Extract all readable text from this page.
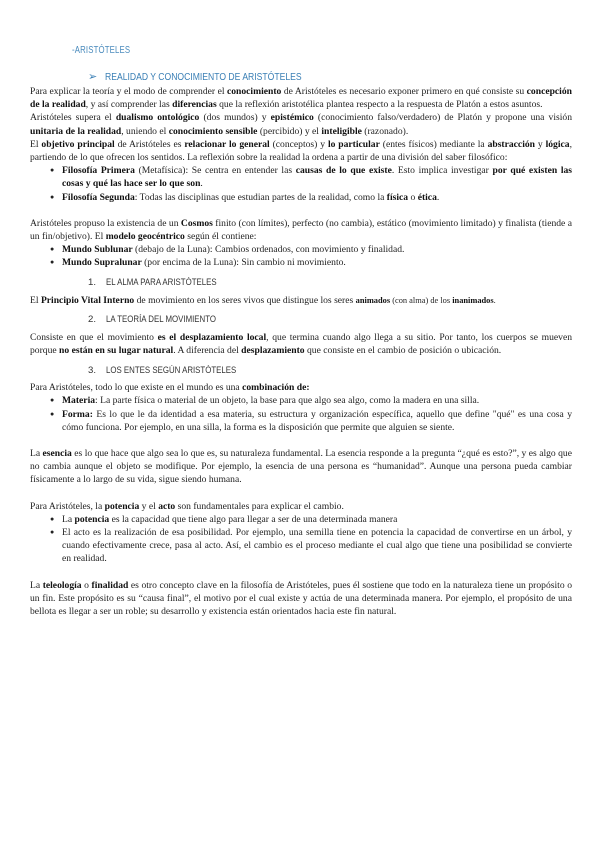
-ARISTÓTELES
➢ REALIDAD Y CONOCIMIENTO DE ARISTÓTELES

Para explicar la teoría y el modo de comprender el conocimiento de Aristóteles es necesario exponer primero en qué consiste su concepción de la realidad, y así comprender las diferencias que la reflexión aristotélica plantea respecto a la respuesta de Platón a estos asuntos.

Aristóteles supera el dualismo ontológico (dos mundos) y epistémico (conocimiento falso/verdadero) de Platón y propone una visión unitaria de la realidad, uniendo el conocimiento sensible (percibido) y el inteligible (razonado).

El objetivo principal de Aristóteles es relacionar lo general (conceptos) y lo particular (entes físicos) mediante la abstracción y lógica, partiendo de lo que ofrecen los sentidos. La reflexión sobre la realidad la ordena a partir de una división del saber filosófico:

● Filosofía Primera (Metafísica): Se centra en entender las causas de lo que existe. Esto implica investigar por qué existen las cosas y qué las hace ser lo que son.
● Filosofía Segunda: Todas las disciplinas que estudian partes de la realidad, como la física o ética.

Aristóteles propuso la existencia de un Cosmos finito (con límites), perfecto (no cambia), estático (movimiento limitado) y finalista (tiende a un fin/objetivo). El modelo geocéntrico según él contiene:

● Mundo Sublunar (debajo de la Luna): Cambios ordenados, con movimiento y finalidad.
● Mundo Supralunar (por encima de la Luna): Sin cambio ni movimiento.
1.	EL ALMA PARA ARISTÓTELES

El Principio Vital Interno de movimiento en los seres vivos que distingue los seres animados (con alma) de los inanimados.

2.	LA TEORÍA DEL MOVIMIENTO

Consiste en que el movimiento es el desplazamiento local, que termina cuando algo llega a su sitio. Por tanto, los cuerpos se mueven porque no están en su lugar natural. A diferencia del desplazamiento que consiste en el cambio de posición o ubicación.

3.	LOS ENTES SEGÚN ARISTÓTELES

Para Aristóteles, todo lo que existe en el mundo es una combinación de:

● Materia: La parte física o material de un objeto, la base para que algo sea algo, como la madera en una silla.
● Forma: Es lo que le da identidad a esa materia, su estructura y organización específica, aquello que define "qué" es una cosa y cómo funciona. Por ejemplo, en una silla, la forma es la disposición que permite que alguien se siente.

La esencia es lo que hace que algo sea lo que es, su naturaleza fundamental. La esencia responde a la pregunta “¿qué es esto?”, y es algo que no cambia aunque el objeto se modifique. Por ejemplo, la esencia de una persona es “humanidad”. Aunque una persona pueda cambiar físicamente a lo largo de su vida, sigue siendo humana.

Para Aristóteles, la potencia y el acto son fundamentales para explicar el cambio.

● La potencia es la capacidad que tiene algo para llegar a ser de una determinada manera
● El acto es la realización de esa posibilidad. Por ejemplo, una semilla tiene en potencia la capacidad de convertirse en un árbol, y cuando efectivamente crece, pasa al acto. Así, el cambio es el proceso mediante el cual algo que tiene una posibilidad se convierte en realidad.

La teleología o finalidad es otro concepto clave en la filosofía de Aristóteles, pues él sostiene que todo en la naturaleza tiene un propósito o un fin. Este propósito es su “causa final”, el motivo por el cual existe y actúa de una determinada manera. Por ejemplo, el propósito de una bellota es llegar a ser un roble; su desarrollo y existencia están orientados hacia este fin natural.
